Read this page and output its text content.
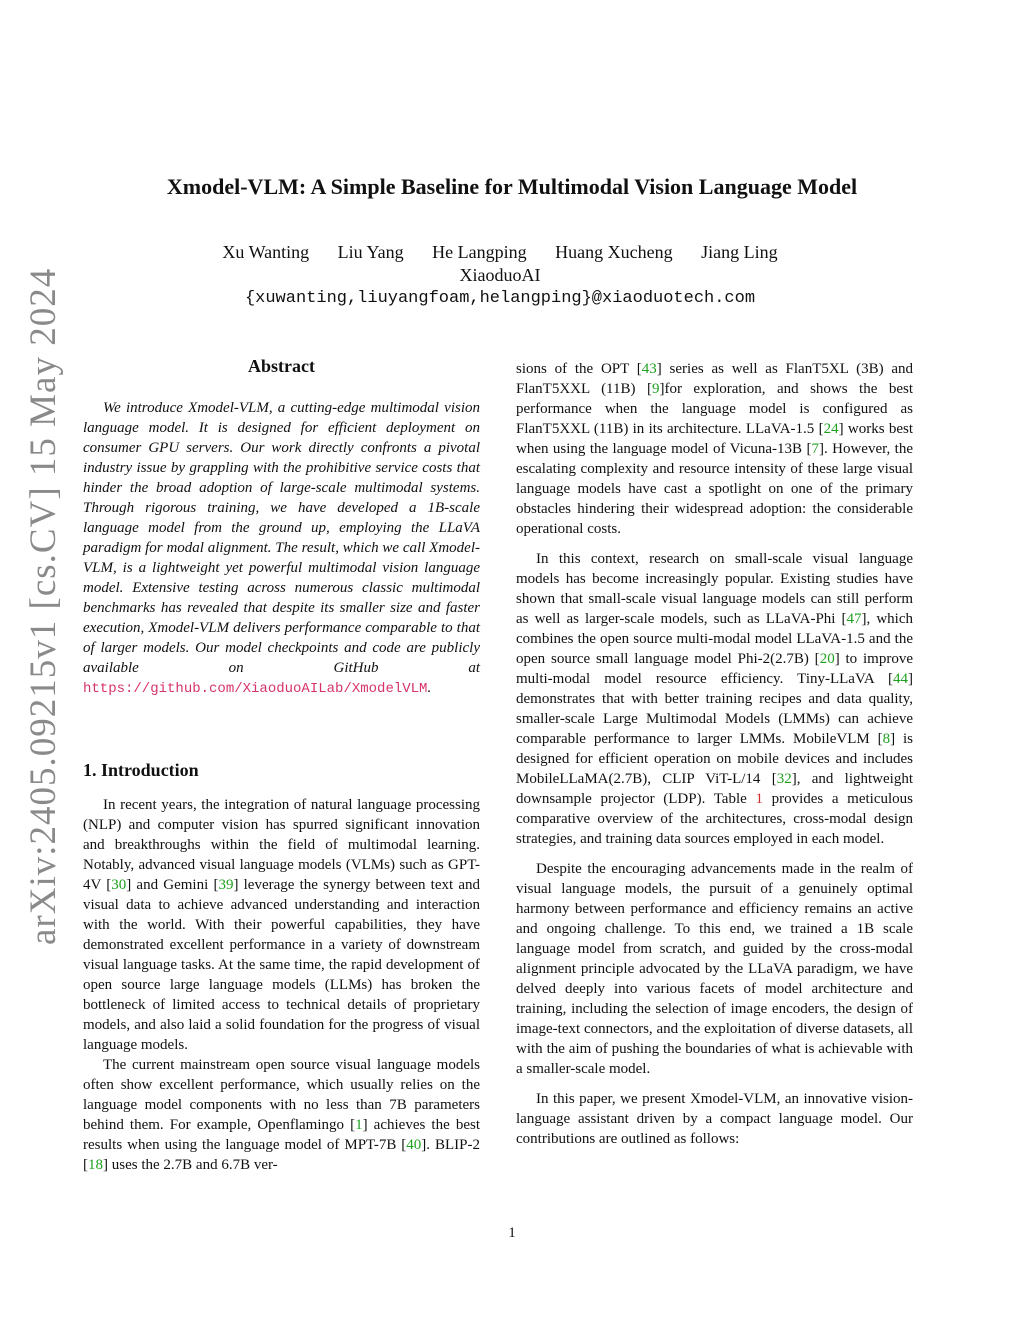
arXiv:2405.09215v1 [cs.CV] 15 May 2024
Xmodel-VLM: A Simple Baseline for Multimodal Vision Language Model
Xu Wanting Liu Yang He Langping Huang Xucheng Jiang Ling
XiaoduoAI
{xuwanting,liuyangfoam,helangping}@xiaoduotech.com
Abstract

We introduce Xmodel-VLM, a cutting-edge multimodal vision language model. It is designed for efficient deployment on consumer GPU servers. Our work directly confronts a pivotal industry issue by grappling with the prohibitive service costs that hinder the broad adoption of large-scale multimodal systems. Through rigorous training, we have developed a 1B-scale language model from the ground up, employing the LLaVA paradigm for modal alignment. The result, which we call Xmodel-VLM, is a lightweight yet powerful multimodal vision language model. Extensive testing across numerous classic multimodal benchmarks has revealed that despite its smaller size and faster execution, Xmodel-VLM delivers performance comparable to that of larger models. Our model checkpoints and code are publicly available on GitHub at https://github.com/XiaoduoAILab/XmodelVLM.

1. Introduction

In recent years, the integration of natural language processing (NLP) and computer vision has spurred significant innovation and breakthroughs within the field of multimodal learning. Notably, advanced visual language models (VLMs) such as GPT-4V [30] and Gemini [39] leverage the synergy between text and visual data to achieve advanced understanding and interaction with the world. With their powerful capabilities, they have demonstrated excellent performance in a variety of downstream visual language tasks. At the same time, the rapid development of open source large language models (LLMs) has broken the bottleneck of limited access to technical details of proprietary models, and also laid a solid foundation for the progress of visual language models.

The current mainstream open source visual language models often show excellent performance, which usually relies on the language model components with no less than 7B parameters behind them. For example, Openflamingo [1] achieves the best results when using the language model of MPT-7B [40]. BLIP-2 [18] uses the 2.7B and 6.7B ver-

sions of the OPT [43] series as well as FlanT5XL (3B) and FlanT5XXL (11B) [9]for exploration, and shows the best performance when the language model is configured as FlanT5XXL (11B) in its architecture. LLaVA-1.5 [24] works best when using the language model of Vicuna-13B [7]. However, the escalating complexity and resource intensity of these large visual language models have cast a spotlight on one of the primary obstacles hindering their widespread adoption: the considerable operational costs.

In this context, research on small-scale visual language models has become increasingly popular. Existing studies have shown that small-scale visual language models can still perform as well as larger-scale models, such as LLaVA-Phi [47], which combines the open source multi-modal model LLaVA-1.5 and the open source small language model Phi-2(2.7B) [20] to improve multi-modal model resource efficiency. Tiny-LLaVA [44] demonstrates that with better training recipes and data quality, smaller-scale Large Multimodal Models (LMMs) can achieve comparable performance to larger LMMs. MobileVLM [8] is designed for efficient operation on mobile devices and includes MobileLLaMA(2.7B), CLIP ViT-L/14 [32], and lightweight downsample projector (LDP). Table 1 provides a meticulous comparative overview of the architectures, cross-modal design strategies, and training data sources employed in each model.

Despite the encouraging advancements made in the realm of visual language models, the pursuit of a genuinely optimal harmony between performance and efficiency remains an active and ongoing challenge. To this end, we trained a 1B scale language model from scratch, and guided by the cross-modal alignment principle advocated by the LLaVA paradigm, we have delved deeply into various facets of model architecture and training, including the selection of image encoders, the design of image-text connectors, and the exploitation of diverse datasets, all with the aim of pushing the boundaries of what is achievable with a smaller-scale model.

In this paper, we present Xmodel-VLM, an innovative vision-language assistant driven by a compact language model. Our contributions are outlined as follows:

1
